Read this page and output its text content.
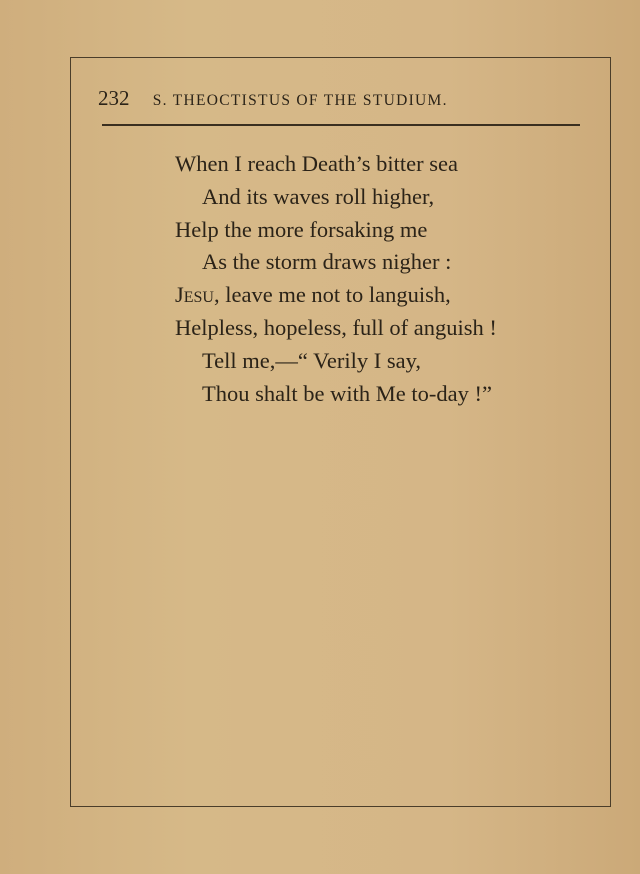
232 S. THEOCTISTUS OF THE STUDIUM.
When I reach Death’s bitter sea
And its waves roll higher,
Help the more forsaking me
As the storm draws nigher :
Jesu, leave me not to languish,
Helpless, hopeless, full of anguish !
Tell me,—“ Verily I say,
Thou shalt be with Me to-day !”
